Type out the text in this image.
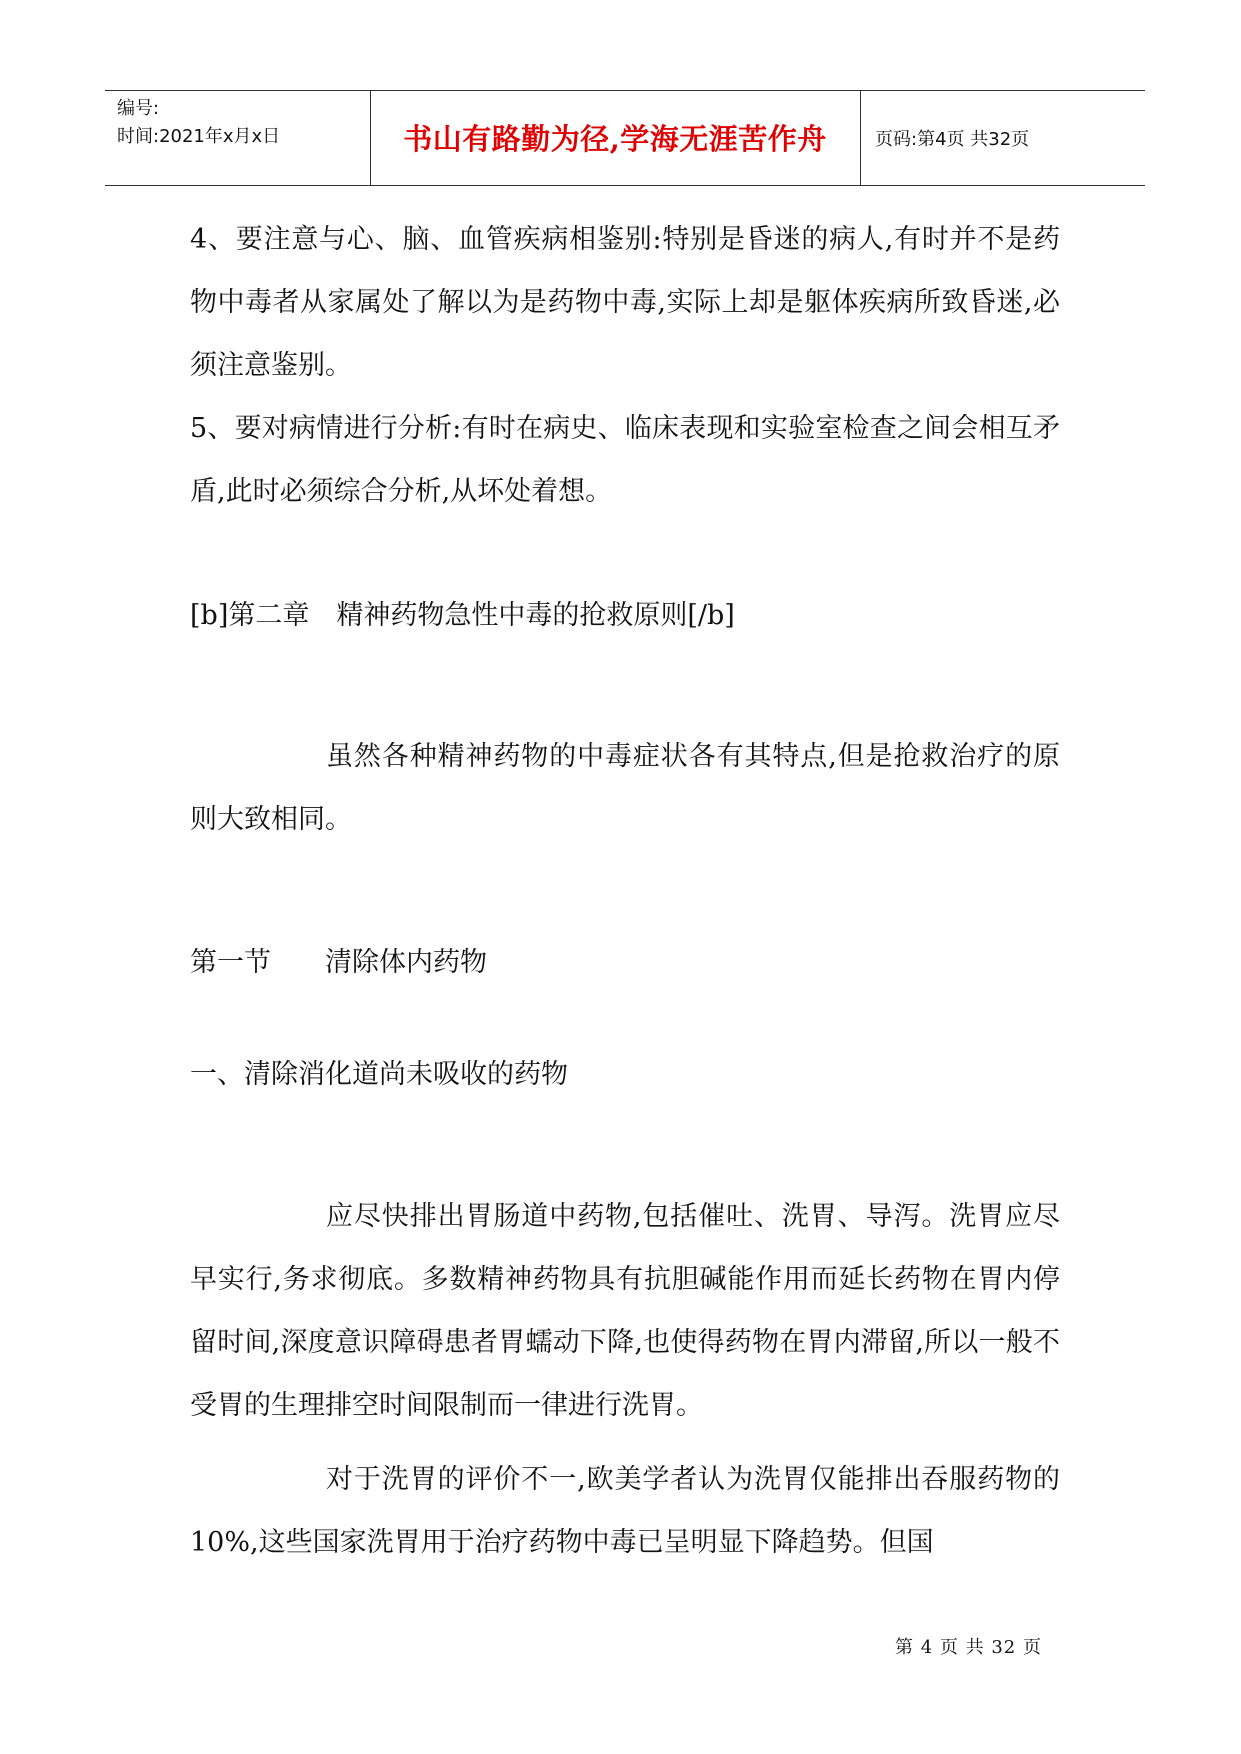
编号:
时间:2021年x月x日	书山有路勤为径,学海无涯苦作舟	页码:第4页 共32页

4、要注意与心、脑、血管疾病相鉴别:特别是昏迷的病人,有时并不是药物中毒者从家属处了解以为是药物中毒,实际上却是躯体疾病所致昏迷,必须注意鉴别。

5、要对病情进行分析:有时在病史、临床表现和实验室检查之间会相互矛盾,此时必须综合分析,从坏处着想。

[b]第二章　精神药物急性中毒的抢救原则[/b]

虽然各种精神药物的中毒症状各有其特点,但是抢救治疗的原则大致相同。

第一节　　清除体内药物

一、清除消化道尚未吸收的药物

应尽快排出胃肠道中药物,包括催吐、洗胃、导泻。洗胃应尽早实行,务求彻底。多数精神药物具有抗胆碱能作用而延长药物在胃内停留时间,深度意识障碍患者胃蠕动下降,也使得药物在胃内滞留,所以一般不受胃的生理排空时间限制而一律进行洗胃。

对于洗胃的评价不一,欧美学者认为洗胃仅能排出吞服药物的10%,这些国家洗胃用于治疗药物中毒已呈明显下降趋势。但国

第 4 页 共 32 页
